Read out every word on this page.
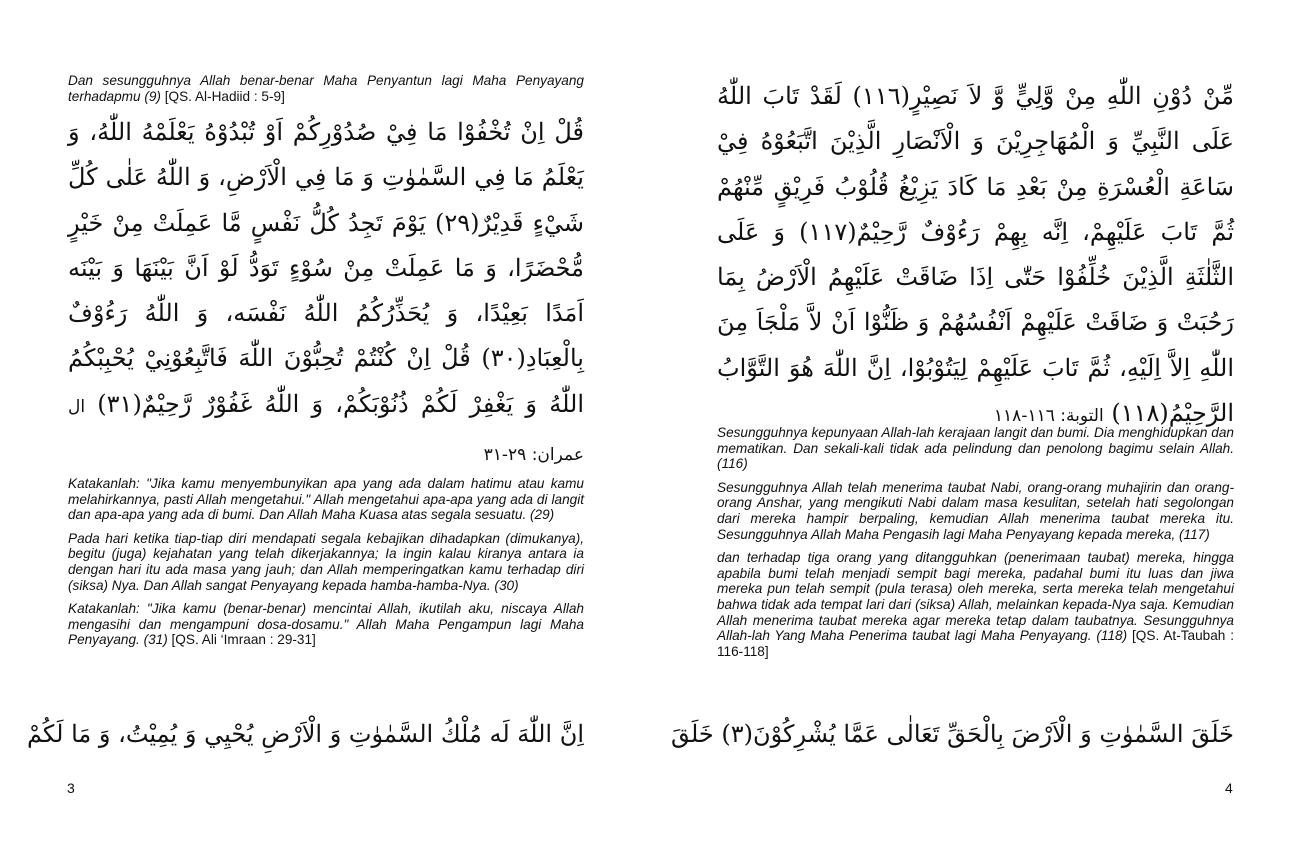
Dan sesungguhnya Allah benar-benar Maha Penyantun lagi Maha Penyayang terhadapmu (9) [QS. Al-Hadiid : 5-9]

قُلْ اِنْ تُخْفُوْا مَا فِيْ صُدُوْرِكُمْ اَوْ تُبْدُوْهُ يَعْلَمْهُ اللّٰهُ، وَ يَعْلَمُ مَا فِي السَّمٰوٰتِ وَ مَا فِي الْاَرْضِ، وَ اللّٰهُ عَلٰى كُلِّ شَيْءٍ قَدِيْرٌ(٢٩) يَوْمَ تَجِدُ كُلُّ نَفْسٍ مَّا عَمِلَتْ مِنْ خَيْرٍ مُّحْضَرًا، وَ مَا عَمِلَتْ مِنْ سُوْءٍ تَوَدُّ لَوْ اَنَّ بَيْنَهَا وَ بَيْنَه اَمَدًا بَعِيْدًا، وَ يُحَذِّرُكُمُ اللّٰهُ نَفْسَه، وَ اللّٰهُ رَءُوْفٌ بِالْعِبَادِ(٣٠) قُلْ اِنْ كُنْتُمْ تُحِبُّوْنَ اللّٰهَ فَاتَّبِعُوْنِيْ يُحْبِبْكُمُ اللّٰهُ وَ يَغْفِرْ لَكُمْ ذُنُوْبَكُمْ، وَ اللّٰهُ غَفُوْرٌ رَّحِيْمٌ(٣١) ال عمران: ٢٩-٣١

Katakanlah: "Jika kamu menyembunyikan apa yang ada dalam hatimu atau kamu melahirkannya, pasti Allah mengetahui." Allah mengetahui apa-apa yang ada di langit dan apa-apa yang ada di bumi. Dan Allah Maha Kuasa atas segala sesuatu. (29)

Pada hari ketika tiap-tiap diri mendapati segala kebajikan dihadapkan (dimukanya), begitu (juga) kejahatan yang telah dikerjakannya; Ia ingin kalau kiranya antara ia dengan hari itu ada masa yang jauh; dan Allah memperingatkan kamu terhadap diri (siksa) Nya. Dan Allah sangat Penyayang kepada hamba-hamba-Nya. (30)

Katakanlah: "Jika kamu (benar-benar) mencintai Allah, ikutilah aku, niscaya Allah mengasihi dan mengampuni dosa-dosamu." Allah Maha Pengampun lagi Maha Penyayang. (31) [QS. Ali ‘Imraan : 29-31]

اِنَّ اللّٰهَ لَه مُلْكُ السَّمٰوٰتِ وَ الْاَرْضِ يُحْيِي وَ يُمِيْتُ، وَ مَا لَكُمْ
3
مِّنْ دُوْنِ اللّٰهِ مِنْ وَّلِيٍّ وَّ لاَ نَصِيْرٍ(١١٦) لَقَدْ تَابَ اللّٰهُ عَلَى النَّبِيِّ وَ الْمُهَاجِرِيْنَ وَ الْاَنْصَارِ الَّذِيْنَ اتَّبَعُوْهُ فِيْ سَاعَةِ الْعُسْرَةِ مِنْ بَعْدِ مَا كَادَ يَزِيْغُ قُلُوْبُ فَرِيْقٍ مِّنْهُمْ ثُمَّ تَابَ عَلَيْهِمْ، اِنَّه بِهِمْ رَءُوْفٌ رَّحِيْمٌ(١١٧) وَ عَلَى الثَّلٰثَةِ الَّذِيْنَ خُلِّفُوْا حَتّٰى اِذَا ضَاقَتْ عَلَيْهِمُ الْاَرْضُ بِمَا رَحُبَتْ وَ ضَاقَتْ عَلَيْهِمْ اَنْفُسُهُمْ وَ ظَنُّوْا اَنْ لاَّ مَلْجَاَ مِنَ اللّٰهِ اِلاَّ اِلَيْهِ، ثُمَّ تَابَ عَلَيْهِمْ لِيَتُوْبُوْا، اِنَّ اللّٰهَ هُوَ التَّوَّابُ الرَّحِيْمُ(١١٨) التوبة: ١١٦-١١٨

Sesungguhnya kepunyaan Allah-lah kerajaan langit dan bumi. Dia menghidupkan dan mematikan. Dan sekali-kali tidak ada pelindung dan penolong bagimu selain Allah. (116)

Sesungguhnya Allah telah menerima taubat Nabi, orang-orang muhajirin dan orang-orang Anshar, yang mengikuti Nabi dalam masa kesulitan, setelah hati segolongan dari mereka hampir berpaling, kemudian Allah menerima taubat mereka itu. Sesungguhnya Allah Maha Pengasih lagi Maha Penyayang kepada mereka, (117)

dan terhadap tiga orang yang ditangguhkan (penerimaan taubat) mereka, hingga apabila bumi telah menjadi sempit bagi mereka, padahal bumi itu luas dan jiwa mereka pun telah sempit (pula terasa) oleh mereka, serta mereka telah mengetahui bahwa tidak ada tempat lari dari (siksa) Allah, melainkan kepada-Nya saja. Kemudian Allah menerima taubat mereka agar mereka tetap dalam taubatnya. Sesungguhnya Allah-lah Yang Maha Penerima taubat lagi Maha Penyayang. (118) [QS. At-Taubah : 116-118]

خَلَقَ السَّمٰوٰتِ وَ الْاَرْضَ بِالْحَقِّ تَعَالٰى عَمَّا يُشْرِكُوْنَ(٣) خَلَقَ
4
